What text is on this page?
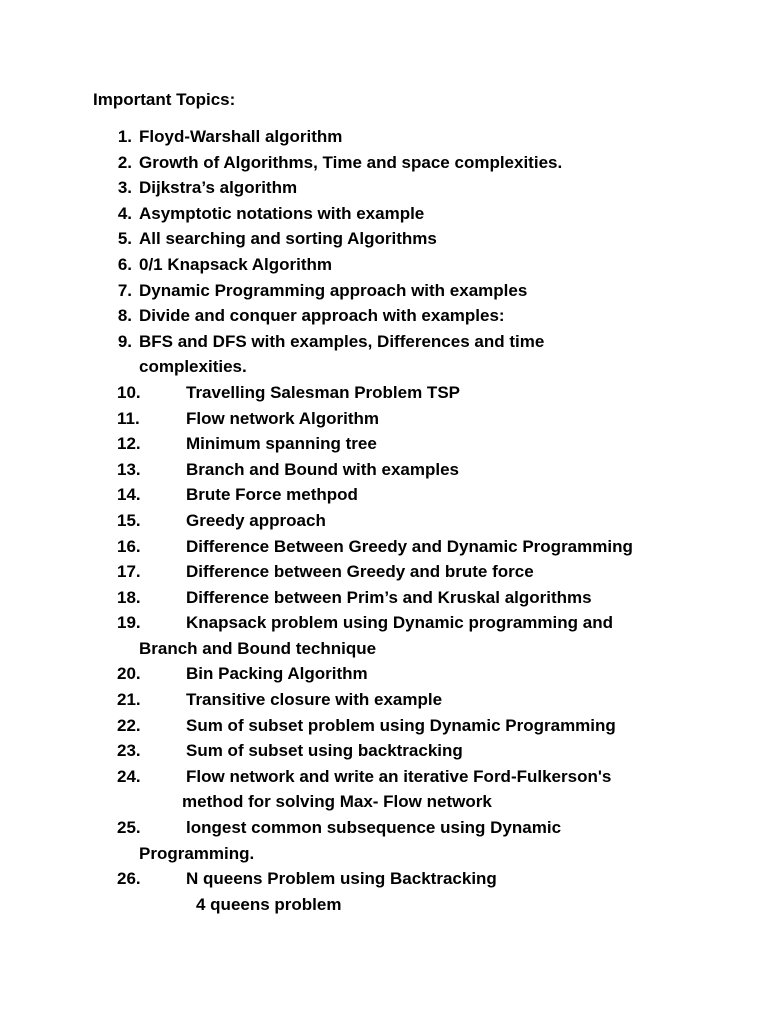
Important Topics:
1. Floyd-Warshall algorithm
2. Growth of Algorithms, Time and space complexities.
3. Dijkstra’s algorithm
4. Asymptotic notations with example
5. All searching and sorting Algorithms
6. 0/1 Knapsack Algorithm
7. Dynamic Programming approach with examples
8. Divide and conquer approach with examples:
9. BFS and DFS with examples, Differences and time
complexities.
10.	Travelling Salesman Problem TSP
11.	Flow network Algorithm
12.	Minimum spanning tree
13.	Branch and Bound with examples
14.	Brute Force methpod
15.	Greedy approach
16.	Difference Between Greedy and Dynamic Programming
17.	Difference between Greedy and brute force
18.	Difference between Prim’s and Kruskal algorithms
19.	Knapsack problem using Dynamic programming and
Branch and Bound technique
20.	Bin Packing Algorithm
21.	Transitive closure with example
22.	Sum of subset problem using Dynamic Programming
23.	Sum of subset using backtracking
24.	Flow network and write an iterative Ford-Fulkerson's
method for solving Max- Flow network
25.	longest common subsequence using Dynamic
Programming.
26.	N queens Problem using Backtracking
4 queens problem
